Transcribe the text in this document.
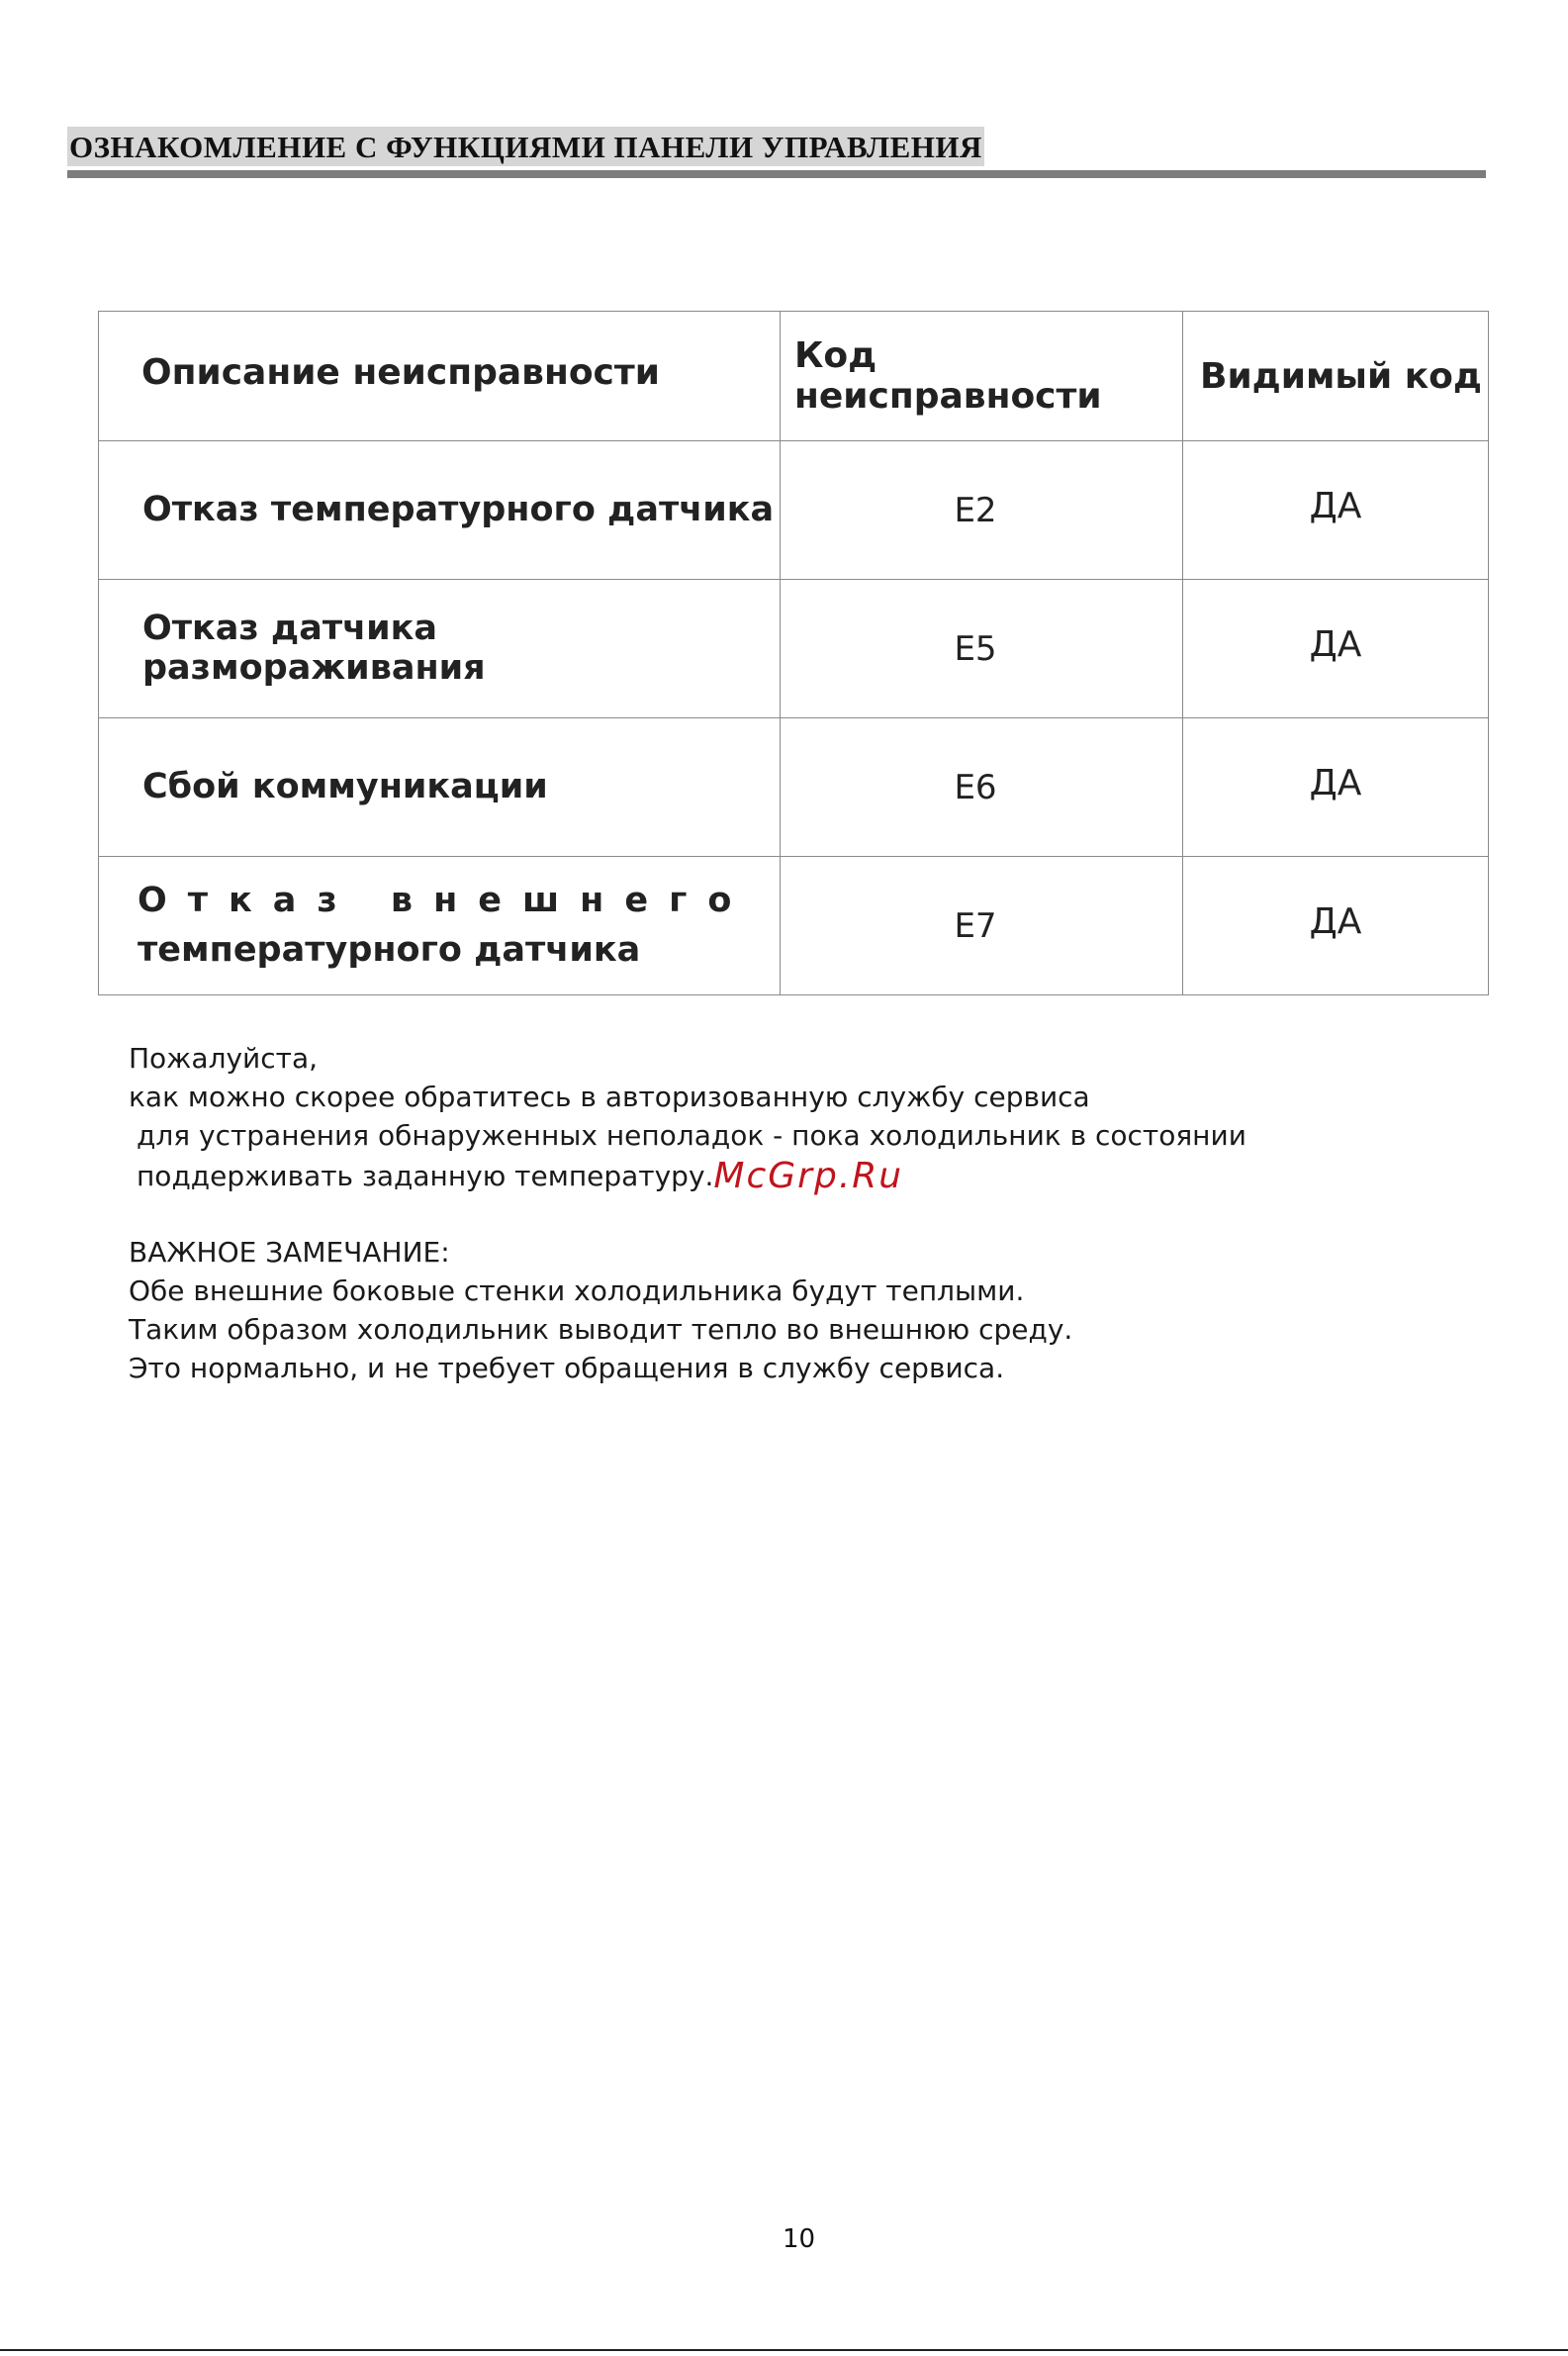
ОЗНАКОМЛЕНИЕ С ФУНКЦИЯМИ ПАНЕЛИ УПРАВЛЕНИЯ
Описание неисправности	Код неисправности	Видимый код
Отказ температурного датчика	E2	ДА
Отказ датчика размораживания	E5	ДА
Сбой коммуникации	E6	ДА

Отказ внешнего
температурного датчика	E7	ДА
Пожалуйста,
как можно скорее обратитесь в авторизованную службу сервиса
для устранения обнаруженных неполадок - пока холодильник в состоянии
поддерживать заданную температуру.McGrp.Ru
ВАЖНОЕ ЗАМЕЧАНИЕ:
Обе внешние боковые стенки холодильника будут теплыми.
Таким образом холодильник выводит тепло во внешнюю среду.
Это нормально, и не требует обращения в службу сервиса.
10
